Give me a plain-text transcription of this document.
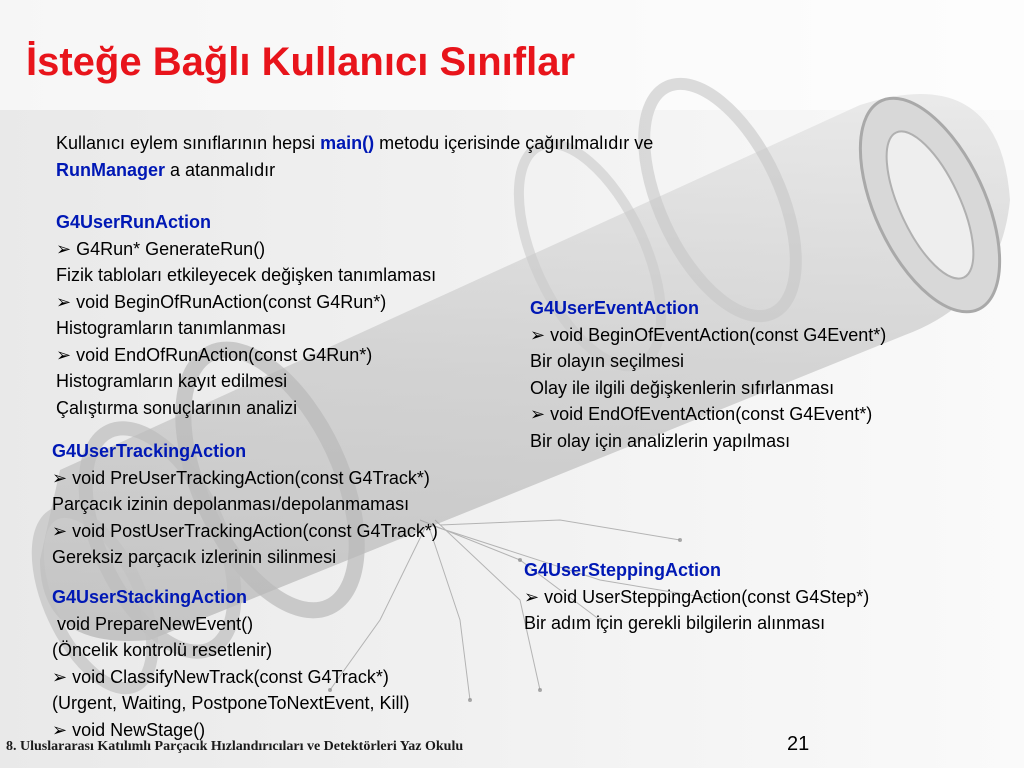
İsteğe Bağlı Kullanıcı Sınıflar
Kullanıcı eylem sınıflarının hepsi main() metodu içerisinde çağırılmalıdır ve
RunManager a atanmalıdır
G4UserRunAction
➢ G4Run* GenerateRun()
Fizik tabloları etkileyecek değişken tanımlaması
➢ void BeginOfRunAction(const G4Run*)
Histogramların tanımlanması
➢ void EndOfRunAction(const G4Run*)
Histogramların kayıt edilmesi
Çalıştırma sonuçlarının analizi
G4UserEventAction
➢ void BeginOfEventAction(const G4Event*)
Bir olayın seçilmesi
Olay ile ilgili değişkenlerin sıfırlanması
➢ void EndOfEventAction(const G4Event*)
Bir olay için analizlerin yapılması
G4UserTrackingAction
➢ void PreUserTrackingAction(const G4Track*)
Parçacık izinin depolanması/depolanmaması
➢ void PostUserTrackingAction(const G4Track*)
Gereksiz parçacık izlerinin silinmesi
G4UserSteppingAction
➢ void UserSteppingAction(const G4Step*)
Bir adım için gerekli bilgilerin alınması
G4UserStackingAction
void PrepareNewEvent()
(Öncelik kontrolü resetlenir)
➢ void ClassifyNewTrack(const G4Track*)
(Urgent, Waiting, PostponeToNextEvent, Kill)
➢ void NewStage()
8. Uluslararası Katılımlı Parçacık Hızlandırıcıları ve Detektörleri Yaz Okulu	21
